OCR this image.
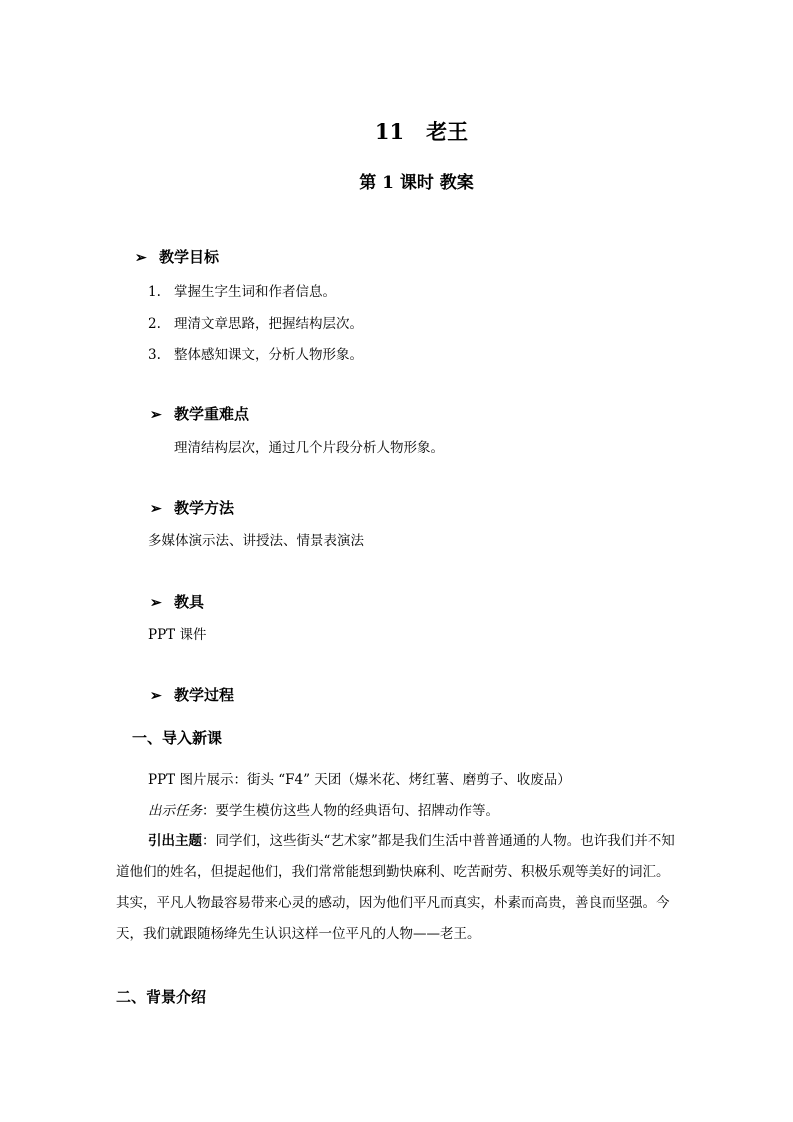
11 老王
第 1 课时 教案
➢ 教学目标
1. 掌握生字生词和作者信息。
2. 理清文章思路，把握结构层次。
3. 整体感知课文，分析人物形象。
➢ 教学重难点
理清结构层次，通过几个片段分析人物形象。
➢ 教学方法
多媒体演示法、讲授法、情景表演法
➢ 教具
PPT 课件
➢ 教学过程
一、导入新课
PPT 图片展示：街头 “F4” 天团（爆米花、烤红薯、磨剪子、收废品）
出示任务：要学生模仿这些人物的经典语句、招牌动作等。
引出主题：同学们，这些街头“艺术家”都是我们生活中普普通通的人物。也许我们并不知道他们的姓名，但提起他们，我们常常能想到勤快麻利、吃苦耐劳、积极乐观等美好的词汇。其实，平凡人物最容易带来心灵的感动，因为他们平凡而真实，朴素而高贵，善良而坚强。今天，我们就跟随杨绛先生认识这样一位平凡的人物——老王。
二、背景介绍
